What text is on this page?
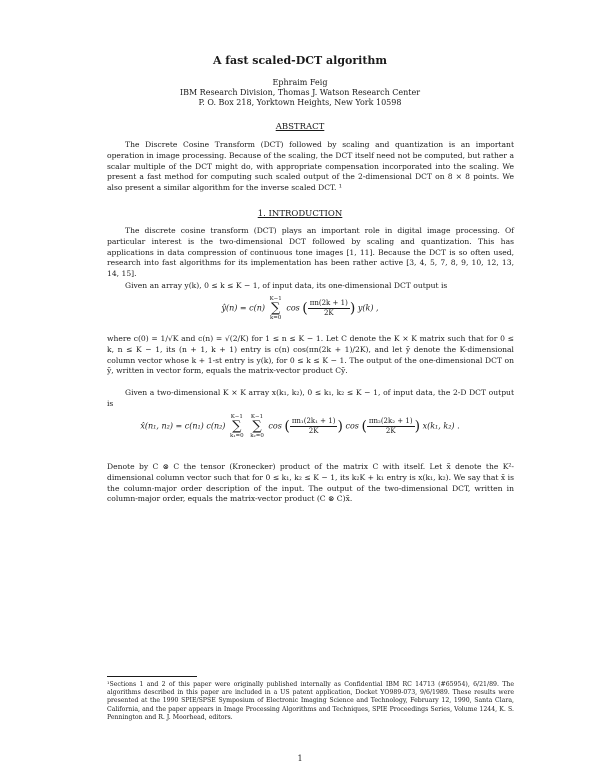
A fast scaled-DCT algorithm
Ephraim Feig
IBM Research Division, Thomas J. Watson Research Center
P. O. Box 218, Yorktown Heights, New York 10598
ABSTRACT
The Discrete Cosine Transform (DCT) followed by scaling and quantization is an important operation in image processing. Because of the scaling, the DCT itself need not be computed, but rather a scalar multiple of the DCT might do, with appropriate compensation incorporated into the scaling. We present a fast method for computing such scaled output of the 2-dimensional DCT on 8 × 8 points. We also present a similar algorithm for the inverse scaled DCT. ¹
1. INTRODUCTION
The discrete cosine transform (DCT) plays an important role in digital image processing. Of particular interest is the two-dimensional DCT followed by scaling and quantization. This has applications in data compression of continuous tone images [1, 11]. Because the DCT is so often used, research into fast algorithms for its implementation has been rather active [3, 4, 5, 7, 8, 9, 10, 12, 13, 14, 15].
Given an array y(k), 0 ≤ k ≤ K − 1, of input data, its one-dimensional DCT output is
ŷ(n) = c(n) K−1
∑
k=0 cos ( $\frac{\pi n(2k + 1)}{2K}$ ) y(k) ,
where c(0) = 1/√K and c(n) = √(2/K) for 1 ≤ n ≤ K − 1. Let C denote the K × K matrix such that for 0 ≤ k, n ≤ K − 1, its (n + 1, k + 1) entry is c(n) cos(πn(2k + 1)/2K), and let ỹ denote the K-dimensional column vector whose k + 1-st entry is y(k), for 0 ≤ k ≤ K − 1. The output of the one-dimensional DCT on ỹ, written in vector form, equals the matrix-vector product Cỹ.
Given a two-dimensional K × K array x(k₁, k₂), 0 ≤ k₁, k₂ ≤ K − 1, of input data, the 2-D DCT output is
x̂(n₁, n₂) = c(n₁) c(n₂) K−1
∑
k₁=0 K−1
∑
k₂=0 cos ( $\frac{\text{πn₁(2k₁ + 1)}}{2K}$ ) cos ( $\frac{\text{πn₂(2k₂ + 1)}}{2K}$ ) x(k₁, k₂) .
Denote by C ⊗ C the tensor (Kronecker) product of the matrix C with itself. Let x̃ denote the K²-dimensional column vector such that for 0 ≤ k₁, k₂ ≤ K − 1, its k₂K + k₁ entry is x(k₁, k₂). We say that x̃ is the column-major order description of the input. The output of the two-dimensional DCT, written in column-major order, equals the matrix-vector product (C ⊗ C)x̃.
¹Sections 1 and 2 of this paper were originally published internally as Confidential IBM RC 14713 (#65954), 6/21/89. The algorithms described in this paper are included in a US patent application, Docket YO989-073, 9/6/1989. These results were presented at the 1990 SPIE/SPSE Symposium of Electronic Imaging Science and Technology, February 12, 1990, Santa Clara, California, and the paper appears in Image Processing Algorithms and Techniques, SPIE Proceedings Series, Volume 1244, K. S. Pennington and R. J. Moorhead, editors.
1
